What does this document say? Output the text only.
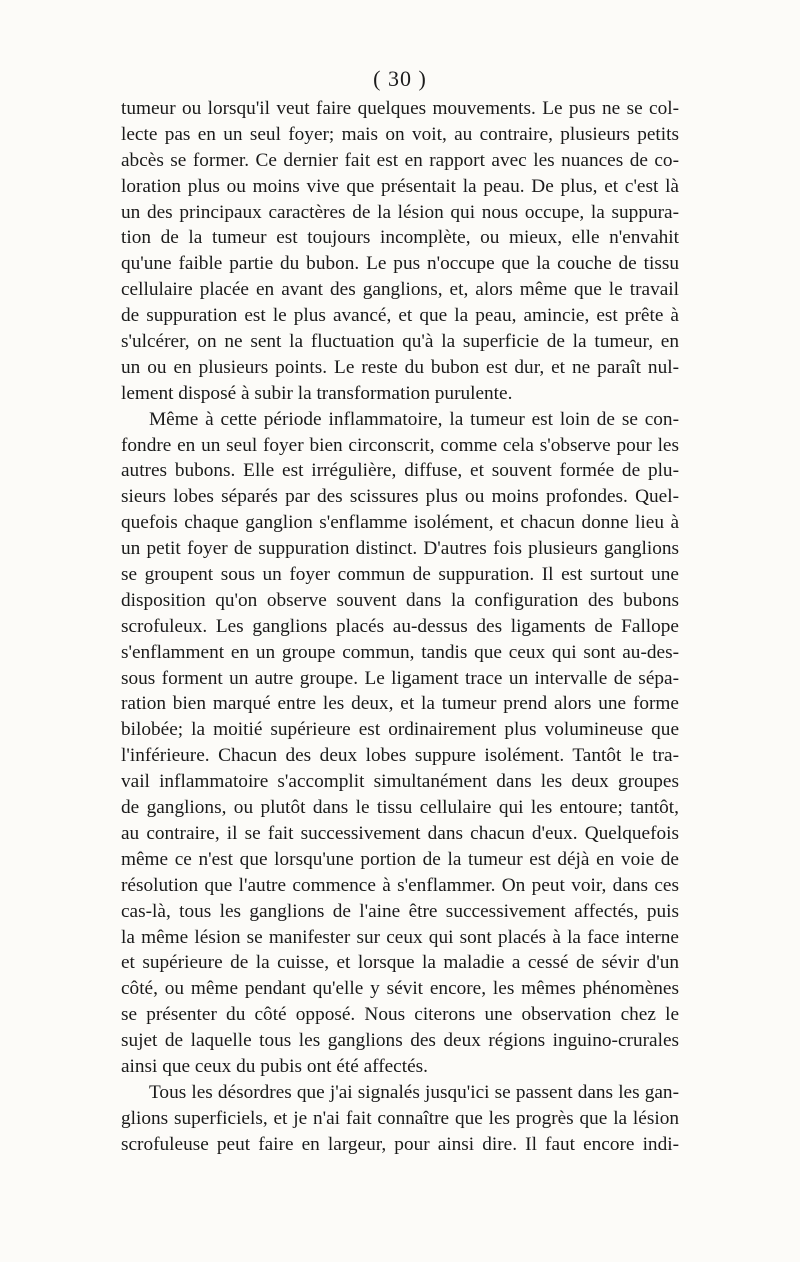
( 30 )
tumeur ou lorsqu'il veut faire quelques mouvements. Le pus ne se col-
lecte pas en un seul foyer; mais on voit, au contraire, plusieurs petits
abcès se former. Ce dernier fait est en rapport avec les nuances de co-
loration plus ou moins vive que présentait la peau. De plus, et c'est là
un des principaux caractères de la lésion qui nous occupe, la suppura-
tion de la tumeur est toujours incomplète, ou mieux, elle n'envahit
qu'une faible partie du bubon. Le pus n'occupe que la couche de tissu
cellulaire placée en avant des ganglions, et, alors même que le travail
de suppuration est le plus avancé, et que la peau, amincie, est prête à
s'ulcérer, on ne sent la fluctuation qu'à la superficie de la tumeur, en
un ou en plusieurs points. Le reste du bubon est dur, et ne paraît nul-
lement disposé à subir la transformation purulente.
Même à cette période inflammatoire, la tumeur est loin de se con-
fondre en un seul foyer bien circonscrit, comme cela s'observe pour les
autres bubons. Elle est irrégulière, diffuse, et souvent formée de plu-
sieurs lobes séparés par des scissures plus ou moins profondes. Quel-
quefois chaque ganglion s'enflamme isolément, et chacun donne lieu à
un petit foyer de suppuration distinct. D'autres fois plusieurs ganglions
se groupent sous un foyer commun de suppuration. Il est surtout une
disposition qu'on observe souvent dans la configuration des bubons
scrofuleux. Les ganglions placés au-dessus des ligaments de Fallope
s'enflamment en un groupe commun, tandis que ceux qui sont au-des-
sous forment un autre groupe. Le ligament trace un intervalle de sépa-
ration bien marqué entre les deux, et la tumeur prend alors une forme
bilobée; la moitié supérieure est ordinairement plus volumineuse que
l'inférieure. Chacun des deux lobes suppure isolément. Tantôt le tra-
vail inflammatoire s'accomplit simultanément dans les deux groupes
de ganglions, ou plutôt dans le tissu cellulaire qui les entoure; tantôt,
au contraire, il se fait successivement dans chacun d'eux. Quelquefois
même ce n'est que lorsqu'une portion de la tumeur est déjà en voie de
résolution que l'autre commence à s'enflammer. On peut voir, dans ces
cas-là, tous les ganglions de l'aine être successivement affectés, puis
la même lésion se manifester sur ceux qui sont placés à la face interne
et supérieure de la cuisse, et lorsque la maladie a cessé de sévir d'un
côté, ou même pendant qu'elle y sévit encore, les mêmes phénomènes
se présenter du côté opposé. Nous citerons une observation chez le
sujet de laquelle tous les ganglions des deux régions inguino-crurales
ainsi que ceux du pubis ont été affectés.
Tous les désordres que j'ai signalés jusqu'ici se passent dans les gan-
glions superficiels, et je n'ai fait connaître que les progrès que la lésion
scrofuleuse peut faire en largeur, pour ainsi dire. Il faut encore indi-
